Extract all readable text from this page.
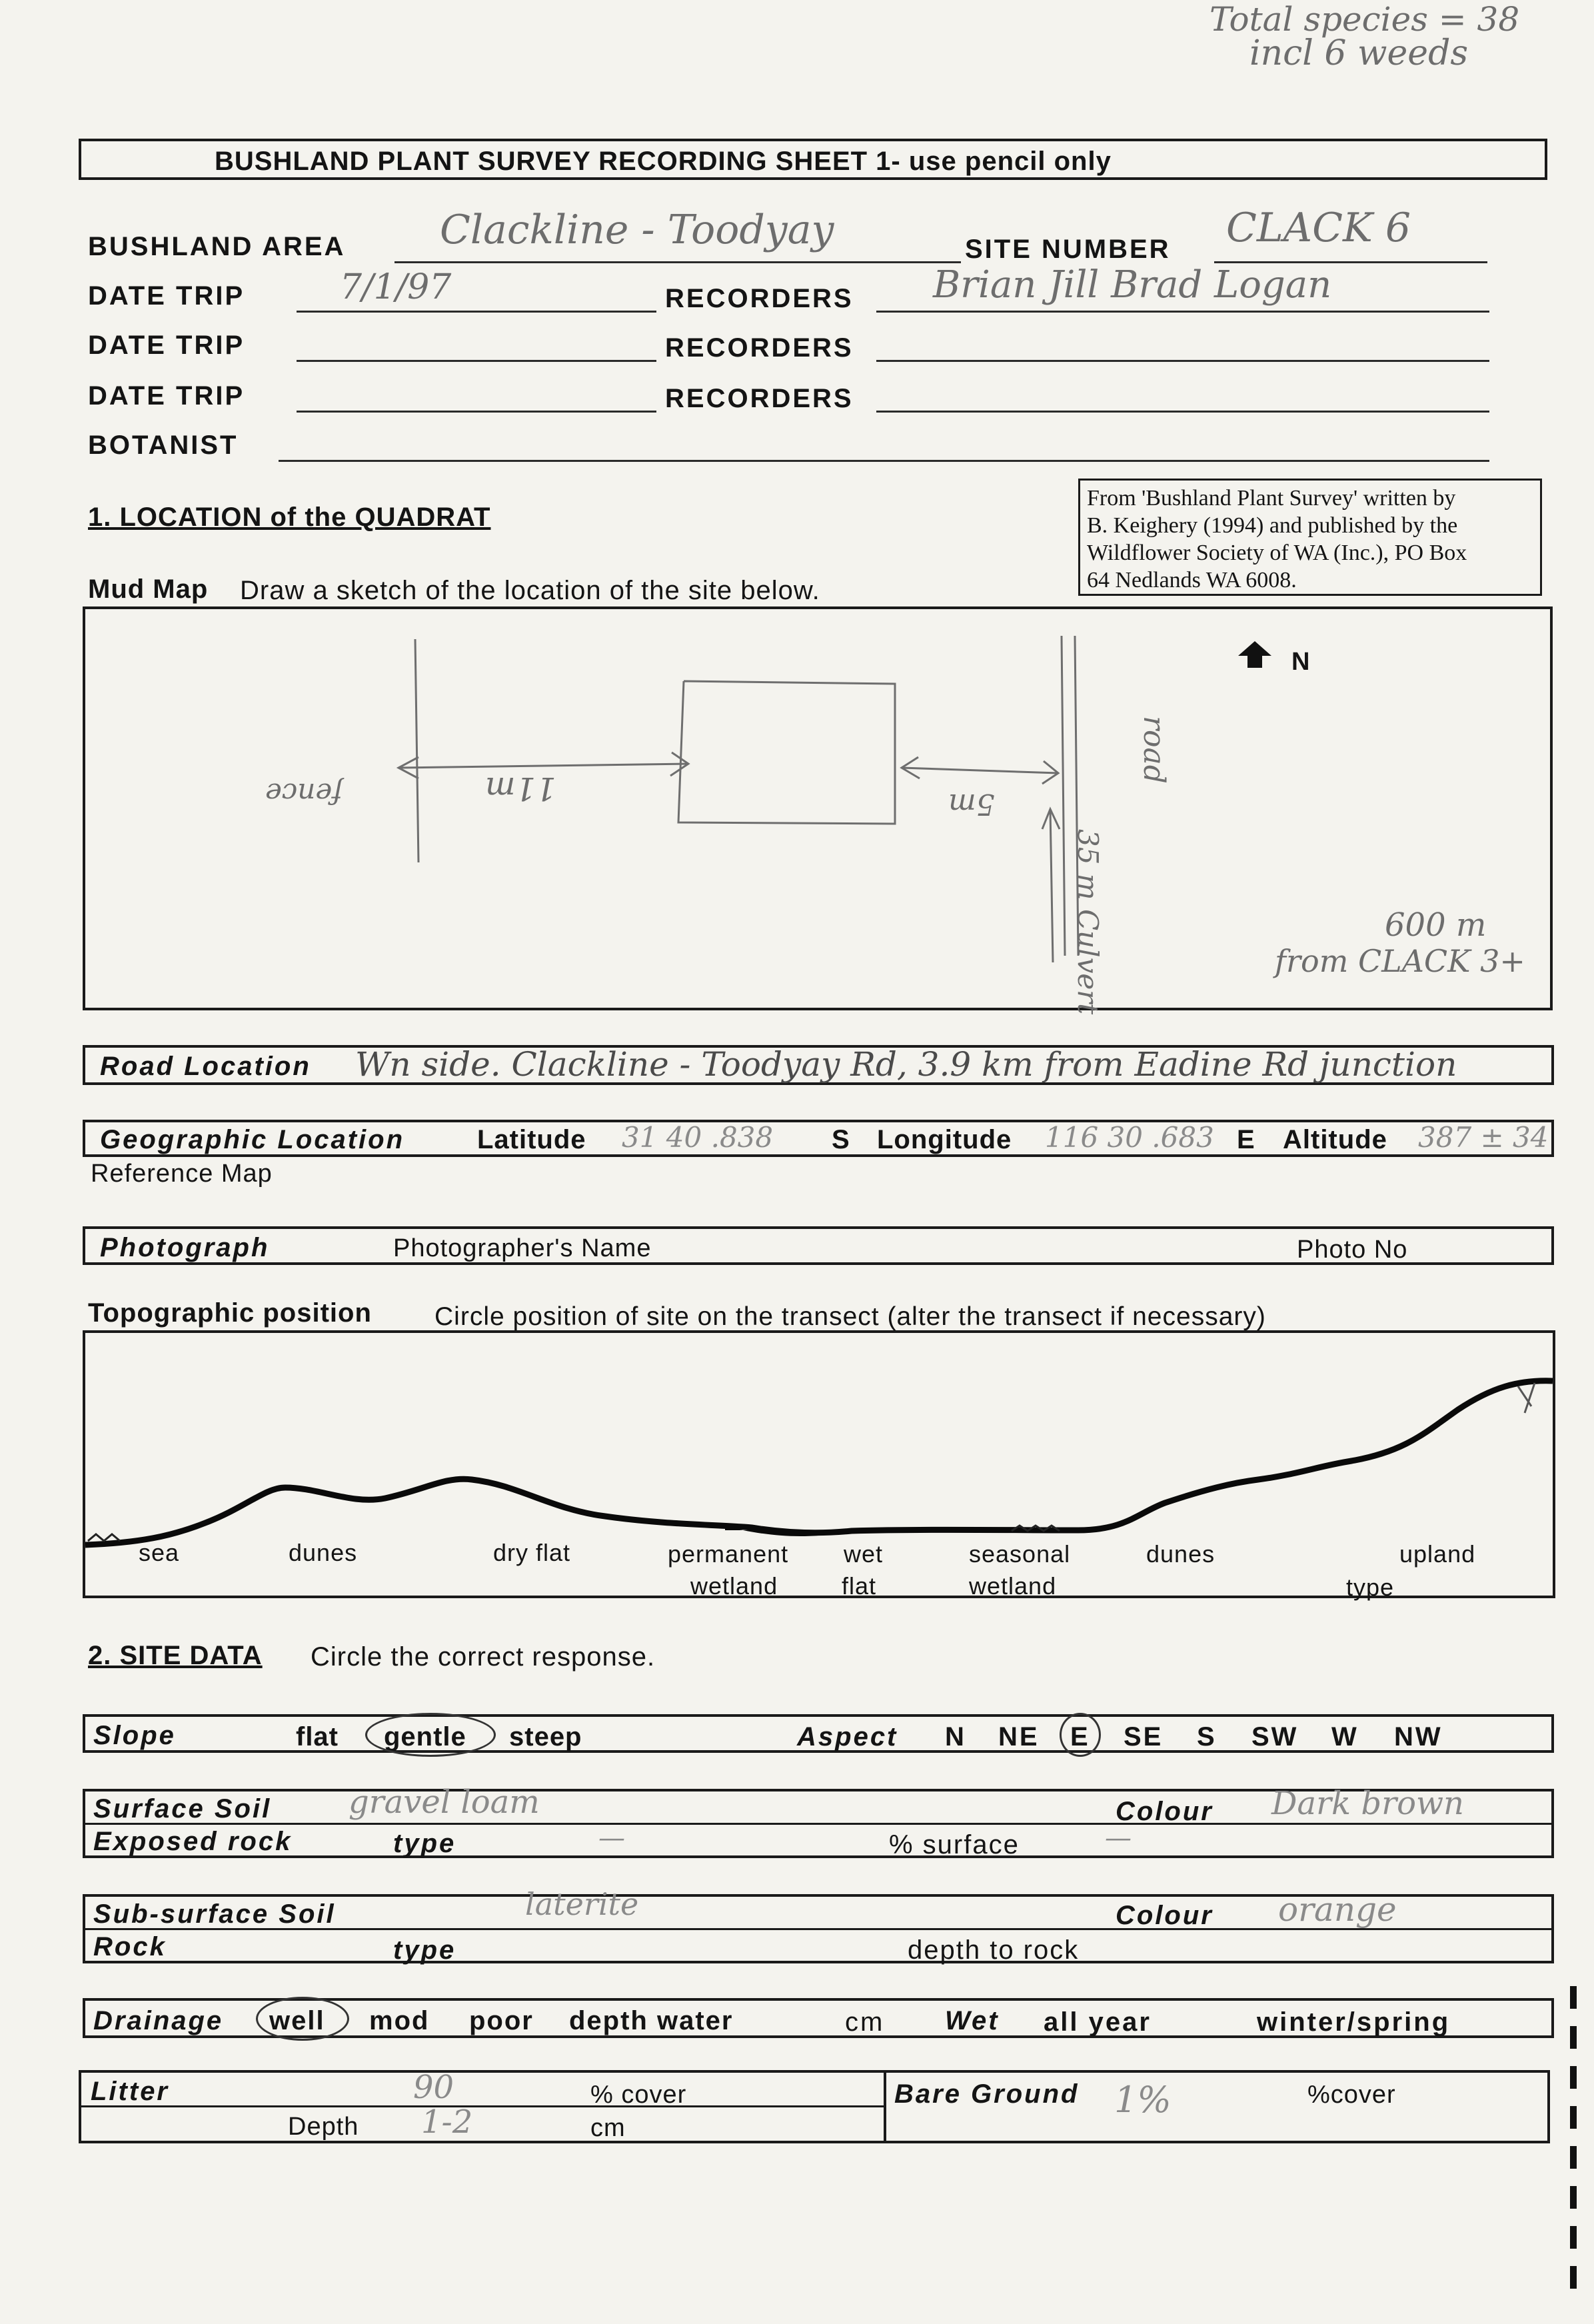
Total species = 38
incl 6 weeds
BUSHLAND PLANT SURVEY RECORDING SHEET 1- use pencil only
BUSHLAND AREA Clackline - Toodyay	SITE NUMBER CLACK 6
DATE TRIP	7/1/97	RECORDERS Brian Jill Brad Logan
DATE TRIP	RECORDERS
DATE TRIP	RECORDERS
BOTANIST
1. LOCATION of the QUADRAT
From 'Bushland Plant Survey' written by
B. Keighery (1994) and published by the
Wildflower Society of WA (Inc.), PO Box
64 Nedlands WA 6008.
Mud Map Draw a sketch of the location of the site below.
N
fence	11m	5m
road
35 m Culvert	600 m
from CLACK 3+
Road Location Wn side. Clackline - Toodyay Rd, 3.9 km from Eadine Rd junction
Geographic Location	Latitude 31 40 .838 S Longitude 116 30 .683 E Altitude 387 ± 34
Reference Map
Photograph	Photographer's Name	Photo No
Topographic position Circle position of site on the transect (alter the transect if necessary)
sea	dunes	dry flat	permanent
wetland
wet
flat
seasonal
wetland
dunes	upland
type
2. SITE DATA Circle the correct response.
Slope	flat gentle steep	Aspect N NE E SE S SW W NW
Surface Soil gravel loam	Colour Dark brown
Exposed rock	type	—	% surface	—
Sub-surface Soil	laterite	Colour orange
Rock	type	depth to rock
Drainage well mod poor depth water	cm Wet all year	winter/spring
Litter	90	% cover
Depth 1-2	cm
Bare Ground 1%	%cover
